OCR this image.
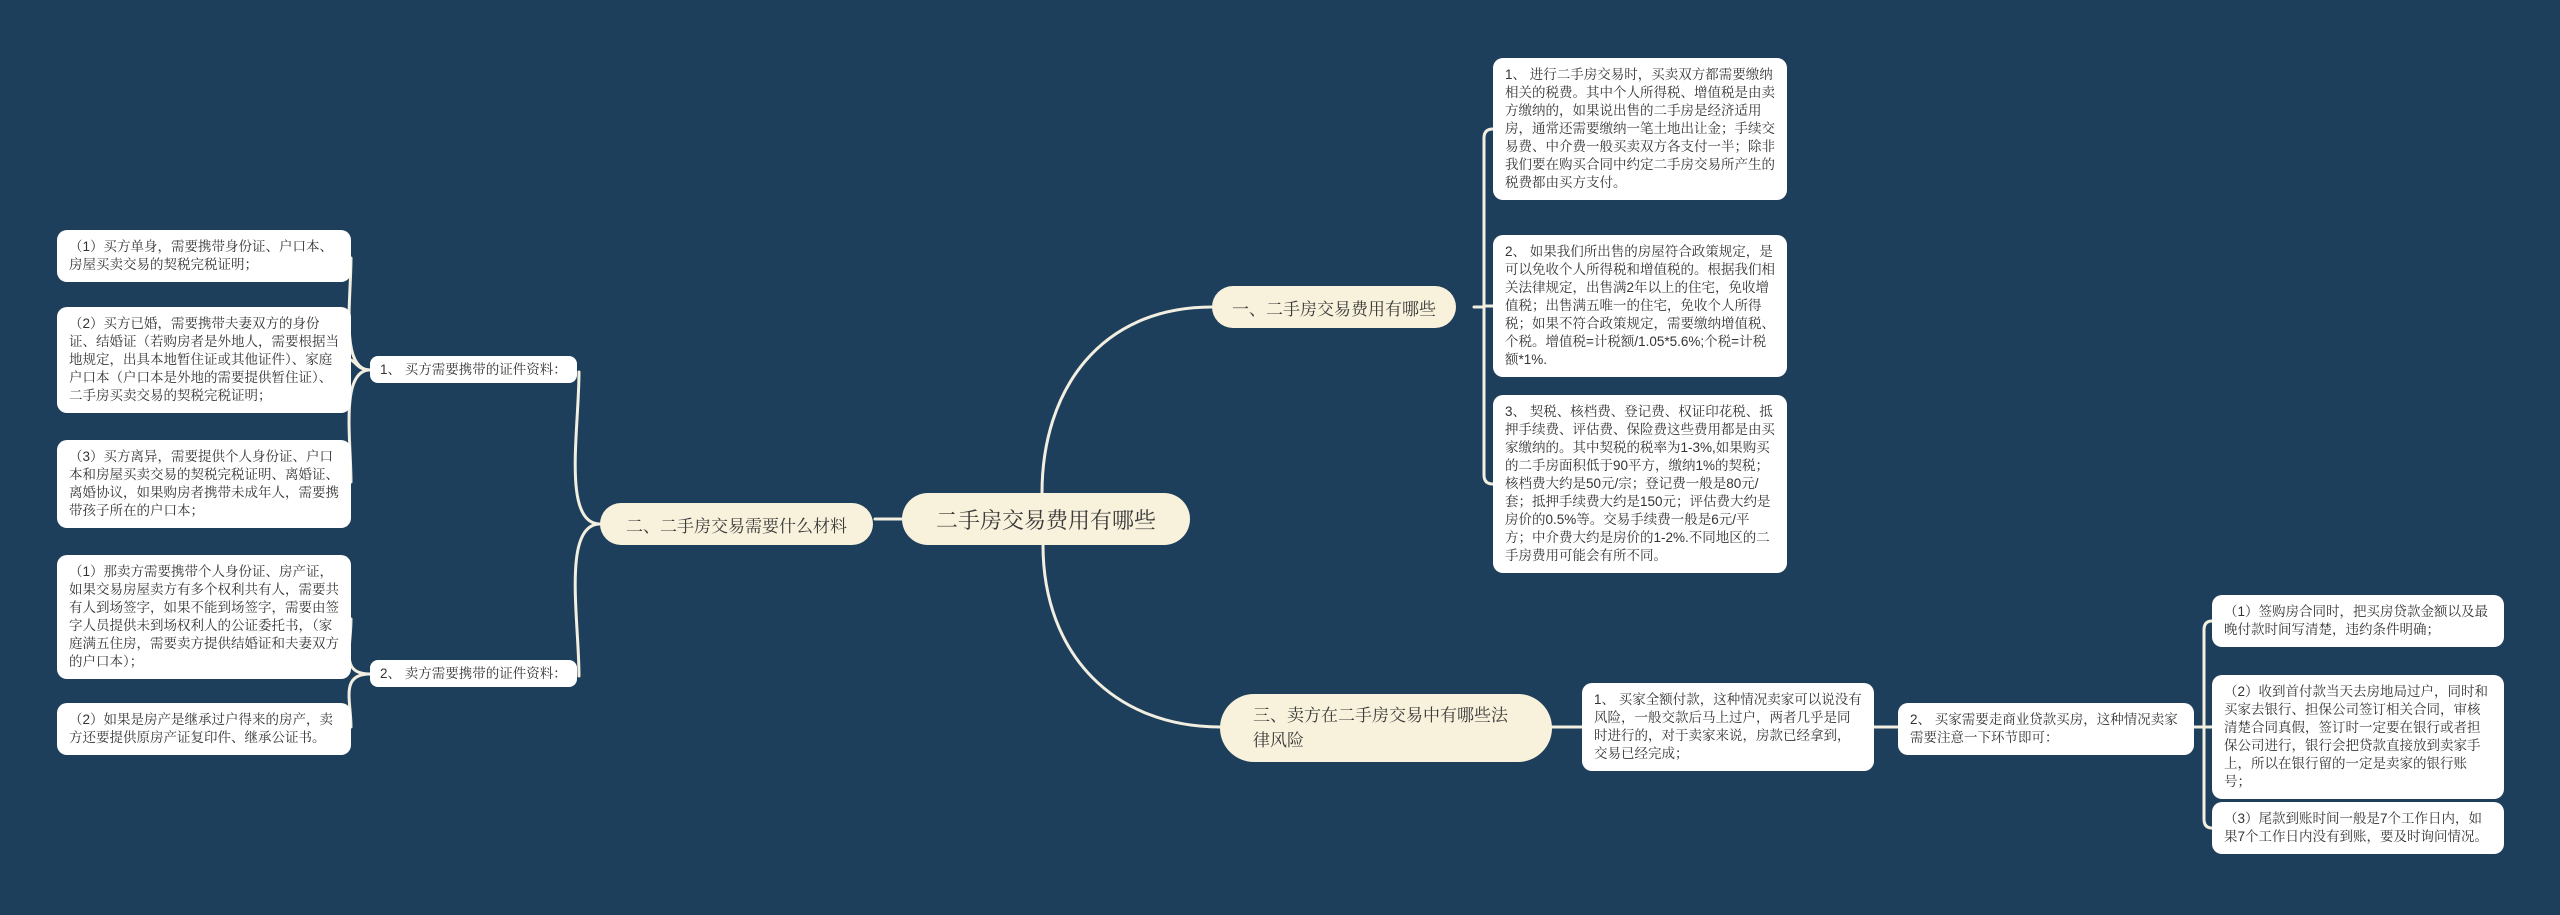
二手房交易费用有哪些
一、二手房交易费用有哪些
1、 进行二手房交易时，买卖双方都需要缴纳相关的税费。其中个人所得税、增值税是由卖方缴纳的，如果说出售的二手房是经济适用房，通常还需要缴纳一笔土地出让金；手续交易费、中介费一般买卖双方各支付一半；除非我们要在购买合同中约定二手房交易所产生的税费都由买方支付。
2、 如果我们所出售的房屋符合政策规定，是可以免收个人所得税和增值税的。根据我们相关法律规定，出售满2年以上的住宅，免收增值税；出售满五唯一的住宅，免收个人所得税；如果不符合政策规定，需要缴纳增值税、个税。增值税=计税额/1.05*5.6%;个税=计税额*1%.
3、 契税、核档费、登记费、权证印花税、抵押手续费、评估费、保险费这些费用都是由买家缴纳的。其中契税的税率为1-3%,如果购买的二手房面积低于90平方，缴纳1%的契税；核档费大约是50元/宗；登记费一般是80元/套；抵押手续费大约是150元；评估费大约是房价的0.5%等。交易手续费一般是6元/平方；中介费大约是房价的1-2%.不同地区的二手房费用可能会有所不同。
二、二手房交易需要什么材料
1、 买方需要携带的证件资料：
（1）买方单身，需要携带身份证、户口本、房屋买卖交易的契税完税证明；
（2）买方已婚，需要携带夫妻双方的身份证、结婚证（若购房者是外地人，需要根据当地规定，出具本地暂住证或其他证件）、家庭户口本（户口本是外地的需要提供暂住证）、二手房买卖交易的契税完税证明；
（3）买方离异，需要提供个人身份证、户口本和房屋买卖交易的契税完税证明、离婚证、离婚协议，如果购房者携带未成年人，需要携带孩子所在的户口本；
2、 卖方需要携带的证件资料：
（1）那卖方需要携带个人身份证、房产证，如果交易房屋卖方有多个权利共有人，需要共有人到场签字，如果不能到场签字，需要由签字人员提供未到场权利人的公证委托书，（家庭满五住房，需要卖方提供结婚证和夫妻双方的户口本）；
（2）如果是房产是继承过户得来的房产，卖方还要提供原房产证复印件、继承公证书。
三、卖方在二手房交易中有哪些法律风险
1、 买家全额付款，这种情况卖家可以说没有风险，一般交款后马上过户，两者几乎是同时进行的，对于卖家来说，房款已经拿到，交易已经完成；
2、 买家需要走商业贷款买房，这种情况卖家需要注意一下环节即可：
（1）签购房合同时，把买房贷款金额以及最晚付款时间写清楚，违约条件明确；
（2）收到首付款当天去房地局过户，同时和买家去银行、担保公司签订相关合同，审核清楚合同真假，签订时一定要在银行或者担保公司进行，银行会把贷款直接放到卖家手上，所以在银行留的一定是卖家的银行账号；
（3）尾款到账时间一般是7个工作日内，如果7个工作日内没有到账，要及时询问情况。
